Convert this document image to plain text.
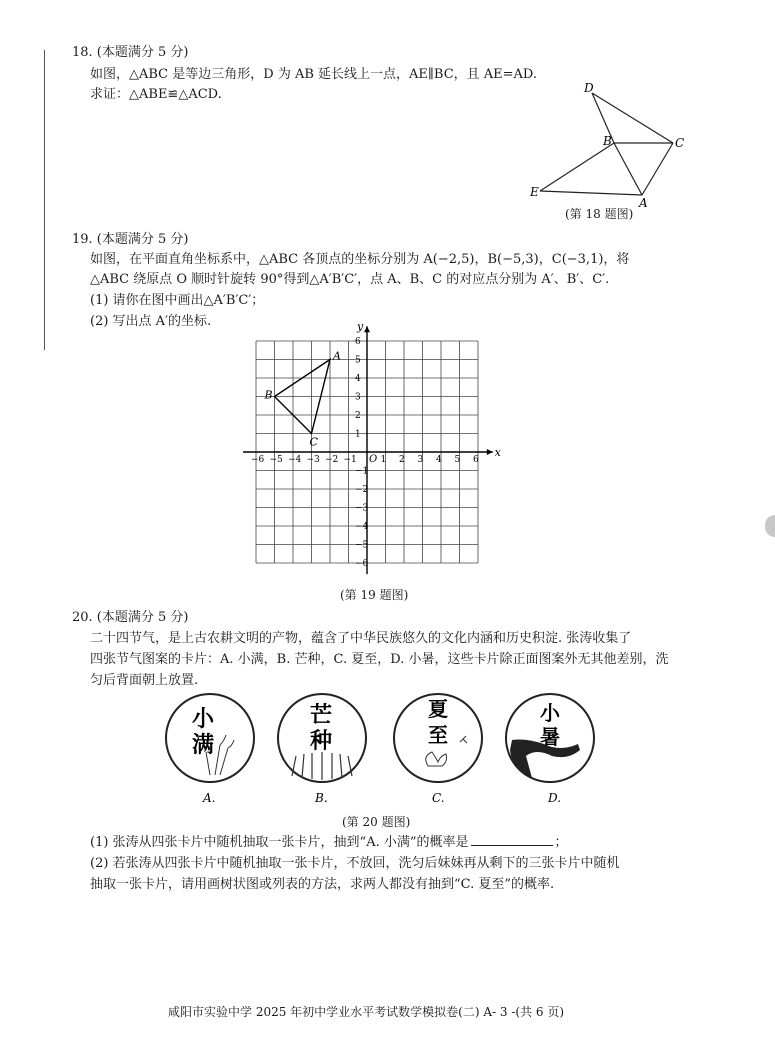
18. (本题满分 5 分)
如图，△ABC 是等边三角形，D 为 AB 延长线上一点，AE∥BC，且 AE=AD.
求证：△ABE≌△ACD.	D
B	C
E
A
(第 18 题图)
19. (本题满分 5 分)
如图，在平面直角坐标系中，△ABC 各顶点的坐标分别为 A(−2,5)，B(−5,3)，C(−3,1)，将
△ABC 绕原点 O 顺时针旋转 90°得到△A′B′C′，点 A、B、C 的对应点分别为 A′、B′、C′.
(1) 请你在图中画出△A′B′C′；
(2) 写出点 A′的坐标.
−6 −5 −4 −3 −2 −1	1 2 3 4 5 6
6
5
4
3
2
1
−1
−2
−3
−4
−5
−6
x
y
O
A
B
C
(第 19 题图)
20. (本题满分 5 分)
二十四节气，是上古农耕文明的产物，蕴含了中华民族悠久的文化内涵和历史积淀. 张涛收集了
四张节气图案的卡片：A. 小满，B. 芒种，C. 夏至，D. 小暑，这些卡片除正面图案外无其他差别，洗
匀后背面朝上放置.
小
满
A.
芒
种
B.
夏
至
C.
小
暑
D.
(第 20 题图)
(1) 张涛从四张卡片中随机抽取一张卡片，抽到“A. 小满”的概率是	；
(2) 若张涛从四张卡片中随机抽取一张卡片，不放回，洗匀后妹妹再从剩下的三张卡片中随机
抽取一张卡片，请用画树状图或列表的方法，求两人都没有抽到“C. 夏至”的概率.
咸阳市实验中学 2025 年初中学业水平考试数学模拟卷(二) A- 3 -(共 6 页)
